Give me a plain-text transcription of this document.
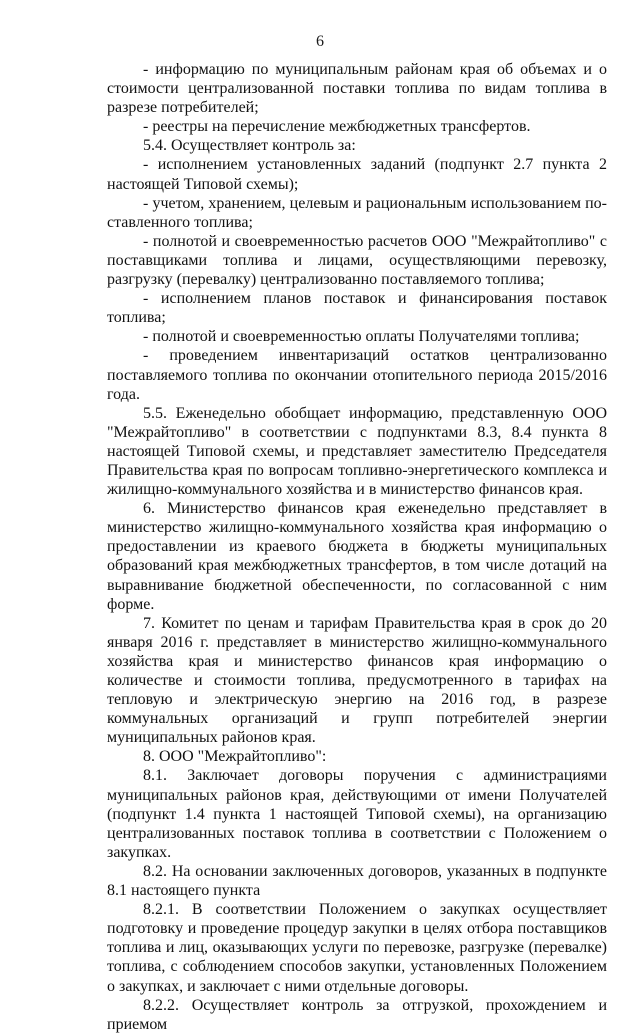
6

- информацию по муниципальным районам края об объемах и о стоимости централизованной поставки топлива по видам топлива в разрезе потребителей;

- реестры на перечисление межбюджетных трансфертов.

5.4. Осуществляет контроль за:

- исполнением установленных заданий (подпункт 2.7 пункта 2 настоящей Типовой схемы);

- учетом, хранением, целевым и рациональным использованием поставленного топлива;

- полнотой и своевременностью расчетов ООО "Межрайтопливо" с поставщиками топлива и лицами, осуществляющими перевозку, разгрузку (перевалку) централизованно поставляемого топлива;

- исполнением планов поставок и финансирования поставок топлива;

- полнотой и своевременностью оплаты Получателями топлива;

- проведением инвентаризаций остатков централизованно поставляемого топлива по окончании отопительного периода 2015/2016 года.

5.5. Еженедельно обобщает информацию, представленную ООО "Межрайтопливо" в соответствии с подпунктами 8.3, 8.4 пункта 8 настоящей Типовой схемы, и представляет заместителю Председателя Правительства края по вопросам топливно-энергетического комплекса и жилищно-коммунального хозяйства и в министерство финансов края.

6. Министерство финансов края еженедельно представляет в министерство жилищно-коммунального хозяйства края информацию о предоставлении из краевого бюджета в бюджеты муниципальных образований края межбюджетных трансфертов, в том числе дотаций на выравнивание бюджетной обеспеченности, по согласованной с ним форме.

7. Комитет по ценам и тарифам Правительства края в срок до 20 января 2016 г. представляет в министерство жилищно-коммунального хозяйства края и министерство финансов края информацию о количестве и стоимости топлива, предусмотренного в тарифах на тепловую и электрическую энергию на 2016 год, в разрезе коммунальных организаций и групп потребителей энергии муниципальных районов края.

8. ООО "Межрайтопливо":

8.1. Заключает договоры поручения с администрациями муниципальных районов края, действующими от имени Получателей (подпункт 1.4 пункта 1 настоящей Типовой схемы), на организацию централизованных поставок топлива в соответствии с Положением о закупках.

8.2. На основании заключенных договоров, указанных в подпункте 8.1 настоящего пункта

8.2.1. В соответствии Положением о закупках осуществляет подготовку и проведение процедур закупки в целях отбора поставщиков топлива и лиц, оказывающих услуги по перевозке, разгрузке (перевалке) топлива, с соблюдением способов закупки, установленных Положением о закупках, и заключает с ними отдельные договоры.

8.2.2. Осуществляет контроль за отгрузкой, прохождением и приемом
